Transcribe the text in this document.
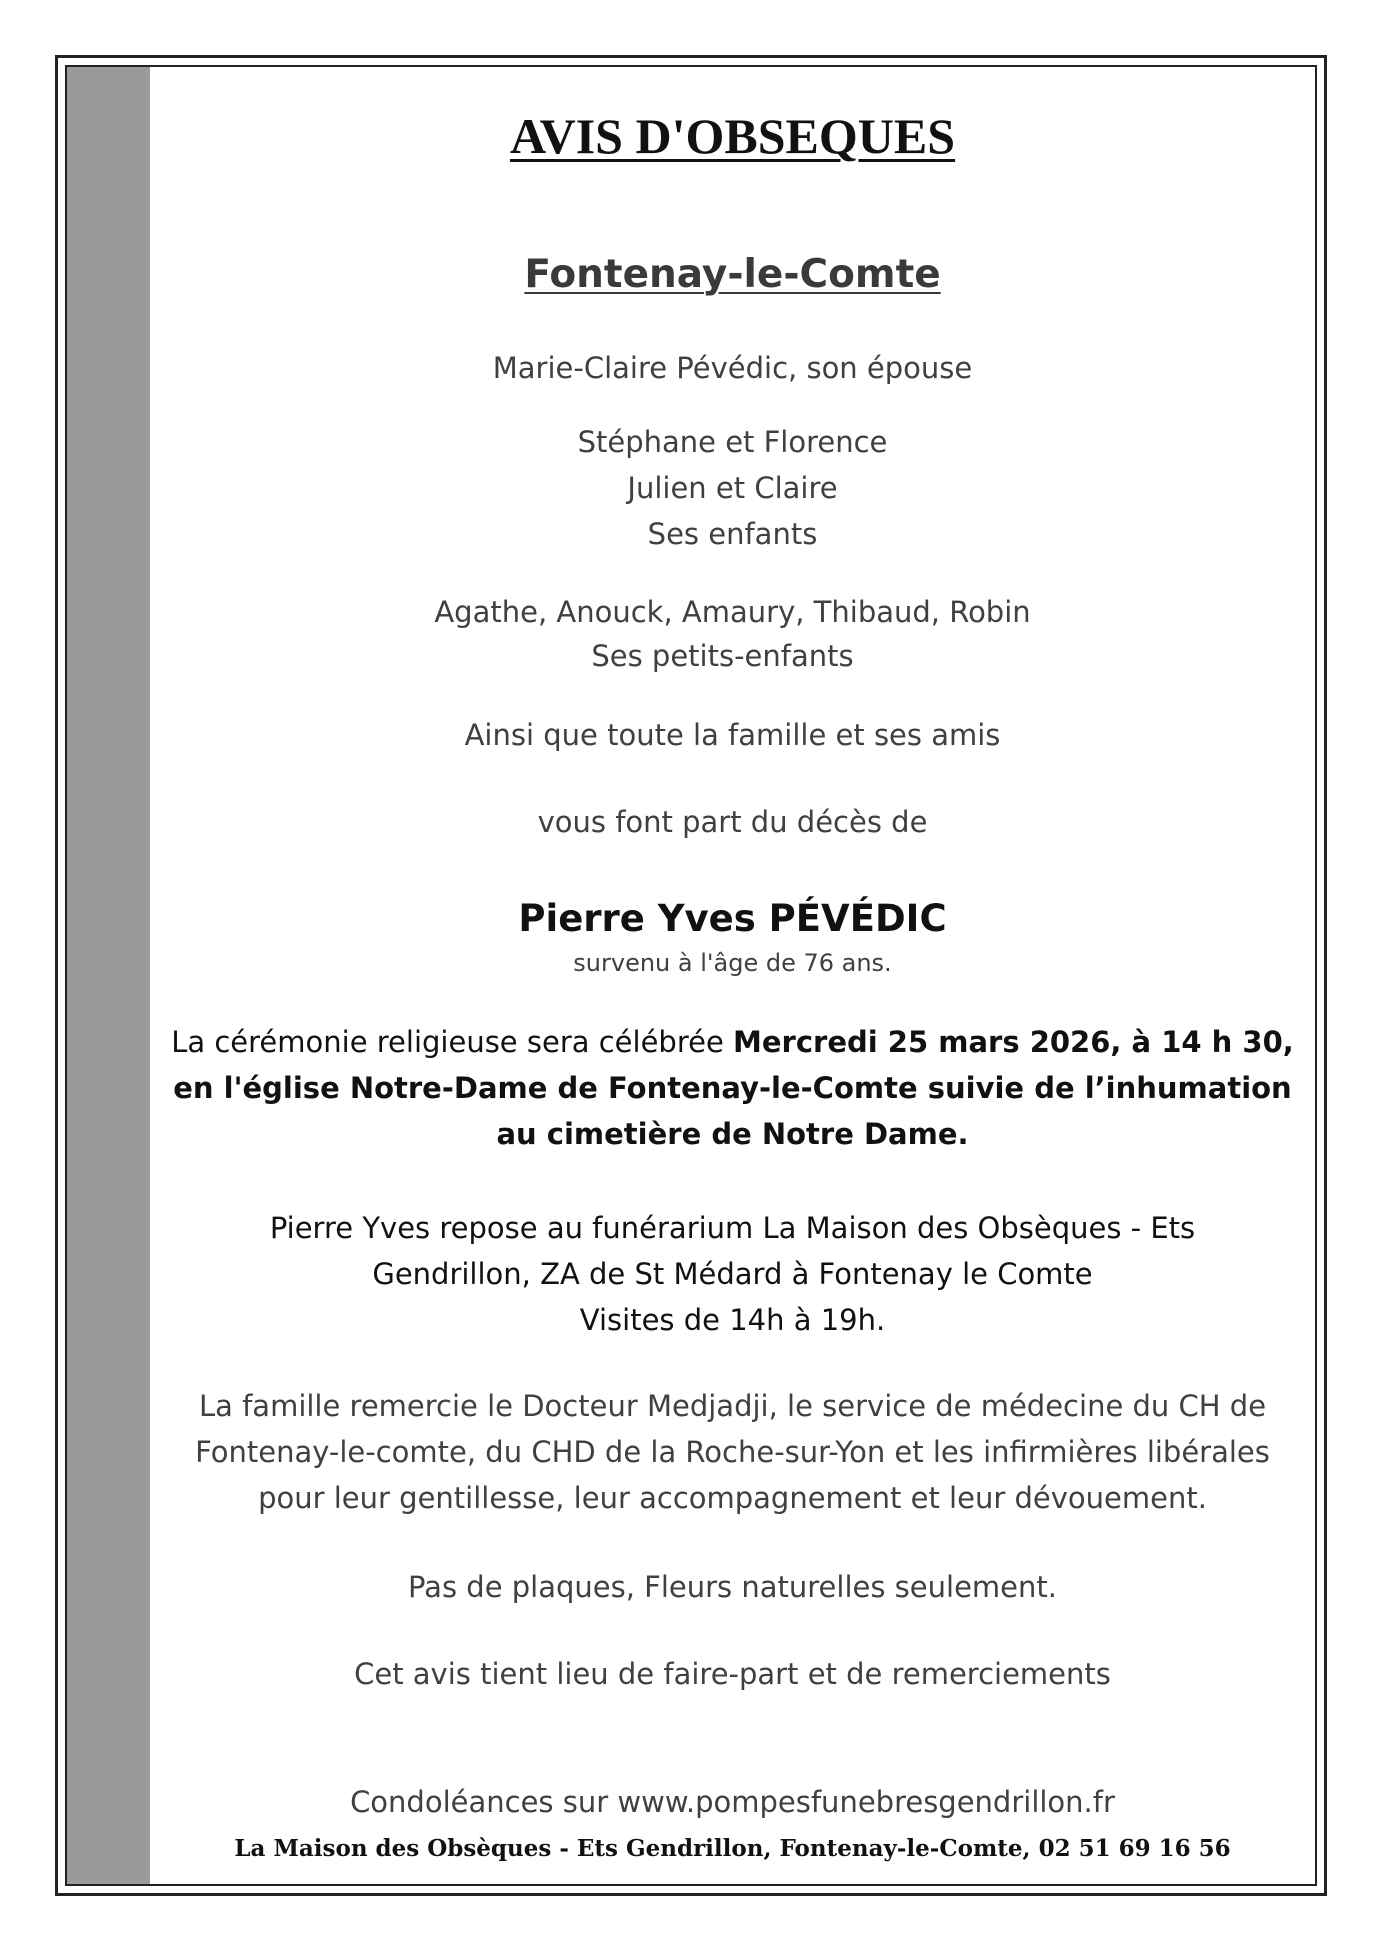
AVIS D'OBSEQUES
Fontenay-le-Comte
Marie-Claire Pévédic, son épouse
Stéphane et Florence
Julien et Claire
Ses enfants
Agathe, Anouck, Amaury, Thibaud, Robin
Ses petits-enfants
Ainsi que toute la famille et ses amis
vous font part du décès de
Pierre Yves PÉVÉDIC
survenu à l'âge de 76 ans.
La cérémonie religieuse sera célébrée Mercredi 25 mars 2026, à 14 h 30,
en l'église Notre-Dame de Fontenay-le-Comte suivie de l’inhumation
au cimetière de Notre Dame.
Pierre Yves repose au funérarium La Maison des Obsèques - Ets
Gendrillon, ZA de St Médard à Fontenay le Comte
Visites de 14h à 19h.
La famille remercie le Docteur Medjadji, le service de médecine du CH de
Fontenay-le-comte, du CHD de la Roche-sur-Yon et les infirmières libérales
pour leur gentillesse, leur accompagnement et leur dévouement.
Pas de plaques, Fleurs naturelles seulement.
Cet avis tient lieu de faire-part et de remerciements
Condoléances sur www.pompesfunebresgendrillon.fr
La Maison des Obsèques - Ets Gendrillon, Fontenay-le-Comte, 02 51 69 16 56
